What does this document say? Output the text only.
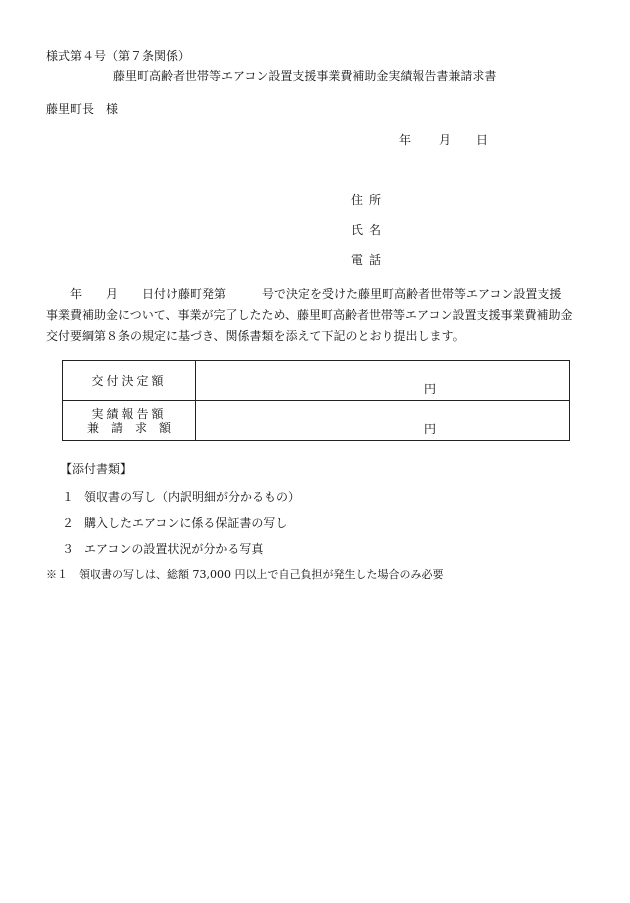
様式第４号（第７条関係）
藤里町高齢者世帯等エアコン設置支援事業費補助金実績報告書兼請求書
藤里町長　様
年 月 日
住所
氏名
電話

　　年　　月　　日付け藤町発第　　　号で決定を受けた藤里町高齢者世帯等エアコン設置支援

事業費補助金について、事業が完了したため、藤里町高齢者世帯等エアコン設置支援事業費補助金

交付要綱第８条の規定に基づき、関係書類を添えて下記のとおり提出します。

交付決定額	円

実績報告額
兼　請　求　額	円
【添付書類】
１ 領収書の写し（内訳明細が分かるもの）
２ 購入したエアコンに係る保証書の写し
３ エアコンの設置状況が分かる写真
※１　領収書の写しは、総額 73,000 円以上で自己負担が発生した場合のみ必要
